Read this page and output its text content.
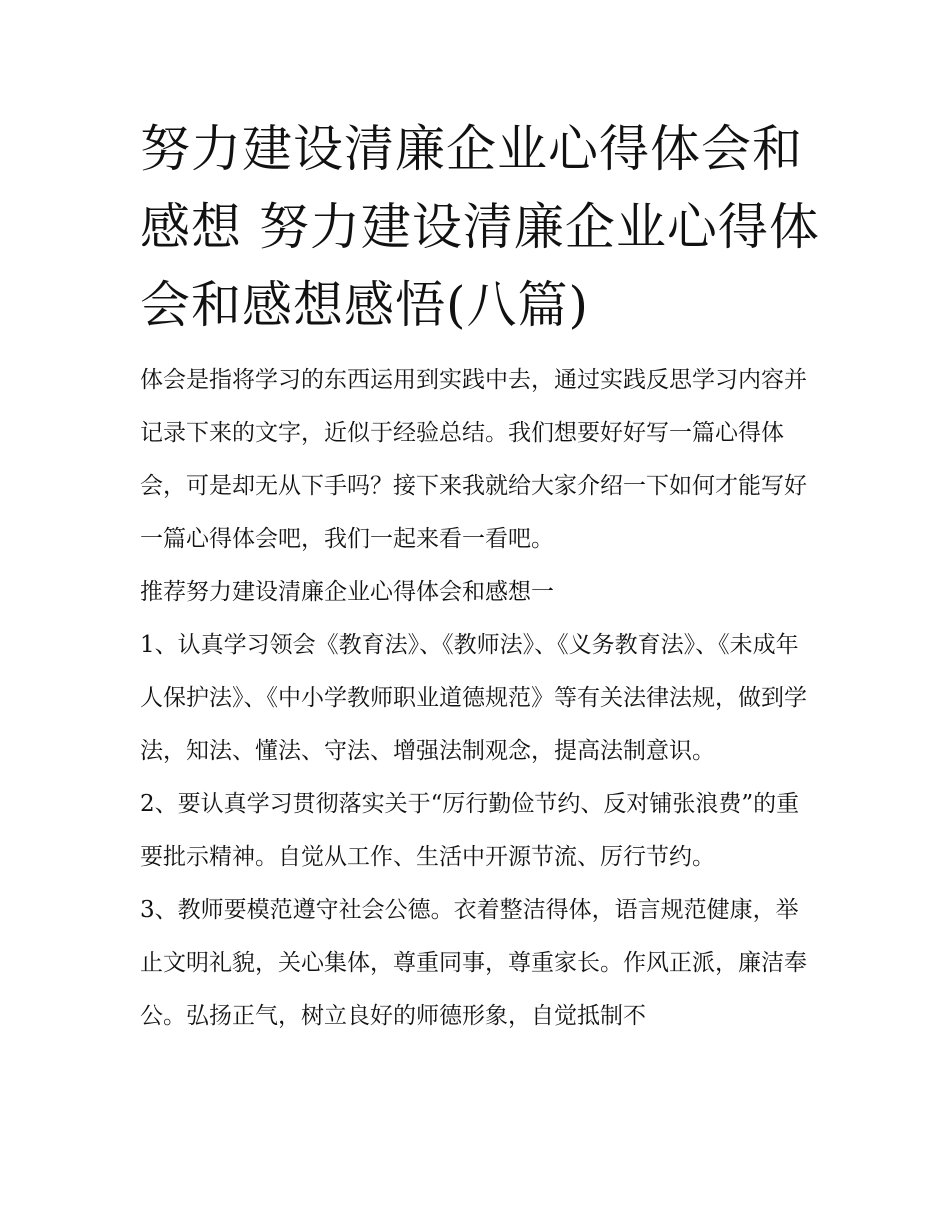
努力建设清廉企业心得体会和感想 努力建设清廉企业心得体会和感想感悟(八篇)

体会是指将学习的东西运用到实践中去，通过实践反思学习内容并记录下来的文字，近似于经验总结。我们想要好好写一篇心得体会，可是却无从下手吗？接下来我就给大家介绍一下如何才能写好一篇心得体会吧，我们一起来看一看吧。

推荐努力建设清廉企业心得体会和感想一

1、认真学习领会《教育法》、《教师法》、《义务教育法》、《未成年人保护法》、《中小学教师职业道德规范》等有关法律法规，做到学法，知法、懂法、守法、增强法制观念，提高法制意识。

2、要认真学习贯彻落实关于“厉行勤俭节约、反对铺张浪费”的重要批示精神。自觉从工作、生活中开源节流、厉行节约。

3、教师要模范遵守社会公德。衣着整洁得体，语言规范健康，举止文明礼貌，关心集体，尊重同事，尊重家长。作风正派，廉洁奉公。弘扬正气，树立良好的师德形象，自觉抵制不
